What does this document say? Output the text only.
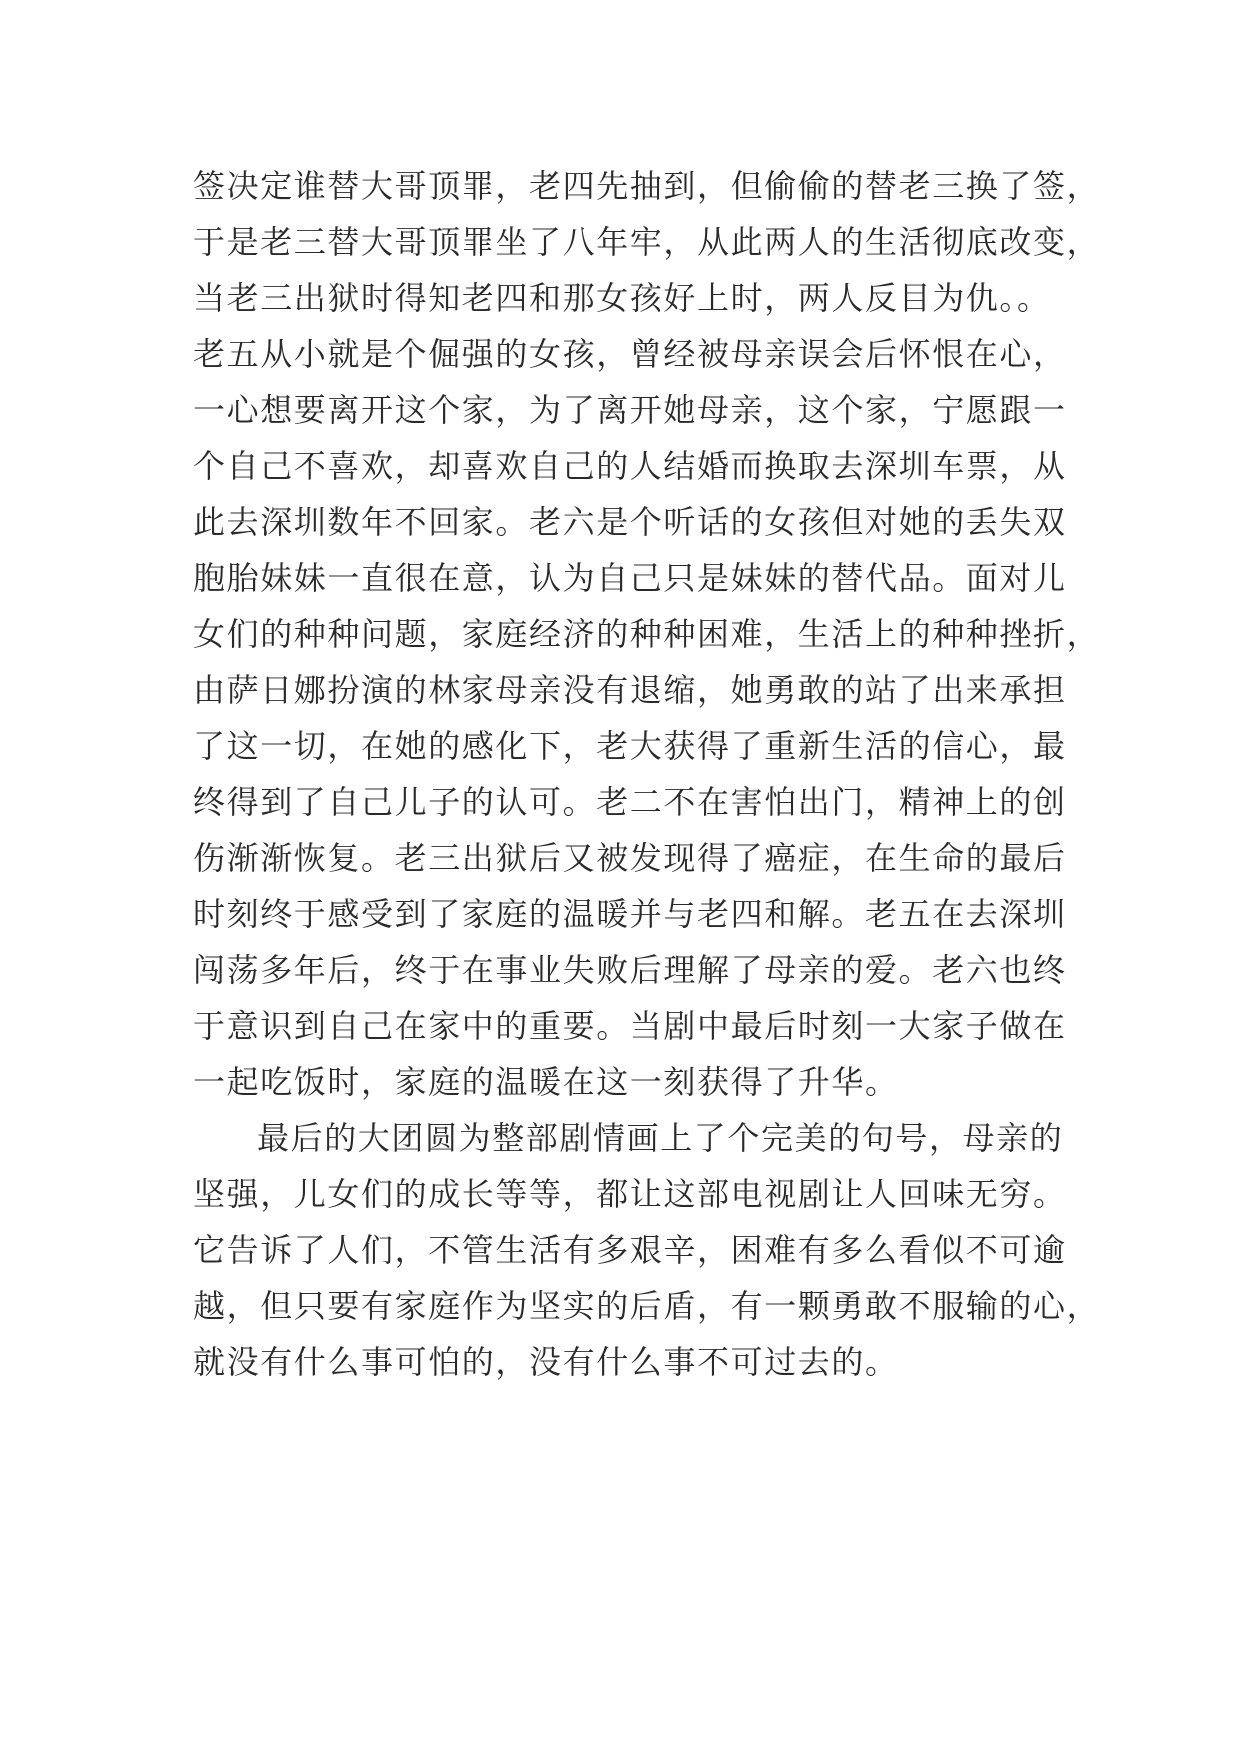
签决定谁替大哥顶罪，老四先抽到，但偷偷的替老三换了签，
于是老三替大哥顶罪坐了八年牢，从此两人的生活彻底改变，
当老三出狱时得知老四和那女孩好上时，两人反目为仇。。
老五从小就是个倔强的女孩，曾经被母亲误会后怀恨在心，
一心想要离开这个家，为了离开她母亲，这个家，宁愿跟一
个自己不喜欢，却喜欢自己的人结婚而换取去深圳车票，从
此去深圳数年不回家。老六是个听话的女孩但对她的丢失双
胞胎妹妹一直很在意，认为自己只是妹妹的替代品。面对儿
女们的种种问题，家庭经济的种种困难，生活上的种种挫折，
由萨日娜扮演的林家母亲没有退缩，她勇敢的站了出来承担
了这一切，在她的感化下，老大获得了重新生活的信心，最
终得到了自己儿子的认可。老二不在害怕出门，精神上的创
伤渐渐恢复。老三出狱后又被发现得了癌症，在生命的最后
时刻终于感受到了家庭的温暖并与老四和解。老五在去深圳
闯荡多年后，终于在事业失败后理解了母亲的爱。老六也终
于意识到自己在家中的重要。当剧中最后时刻一大家子做在
一起吃饭时，家庭的温暖在这一刻获得了升华。
最后的大团圆为整部剧情画上了个完美的句号，母亲的
坚强，儿女们的成长等等，都让这部电视剧让人回味无穷。
它告诉了人们，不管生活有多艰辛，困难有多么看似不可逾
越，但只要有家庭作为坚实的后盾，有一颗勇敢不服输的心，
就没有什么事可怕的，没有什么事不可过去的。
